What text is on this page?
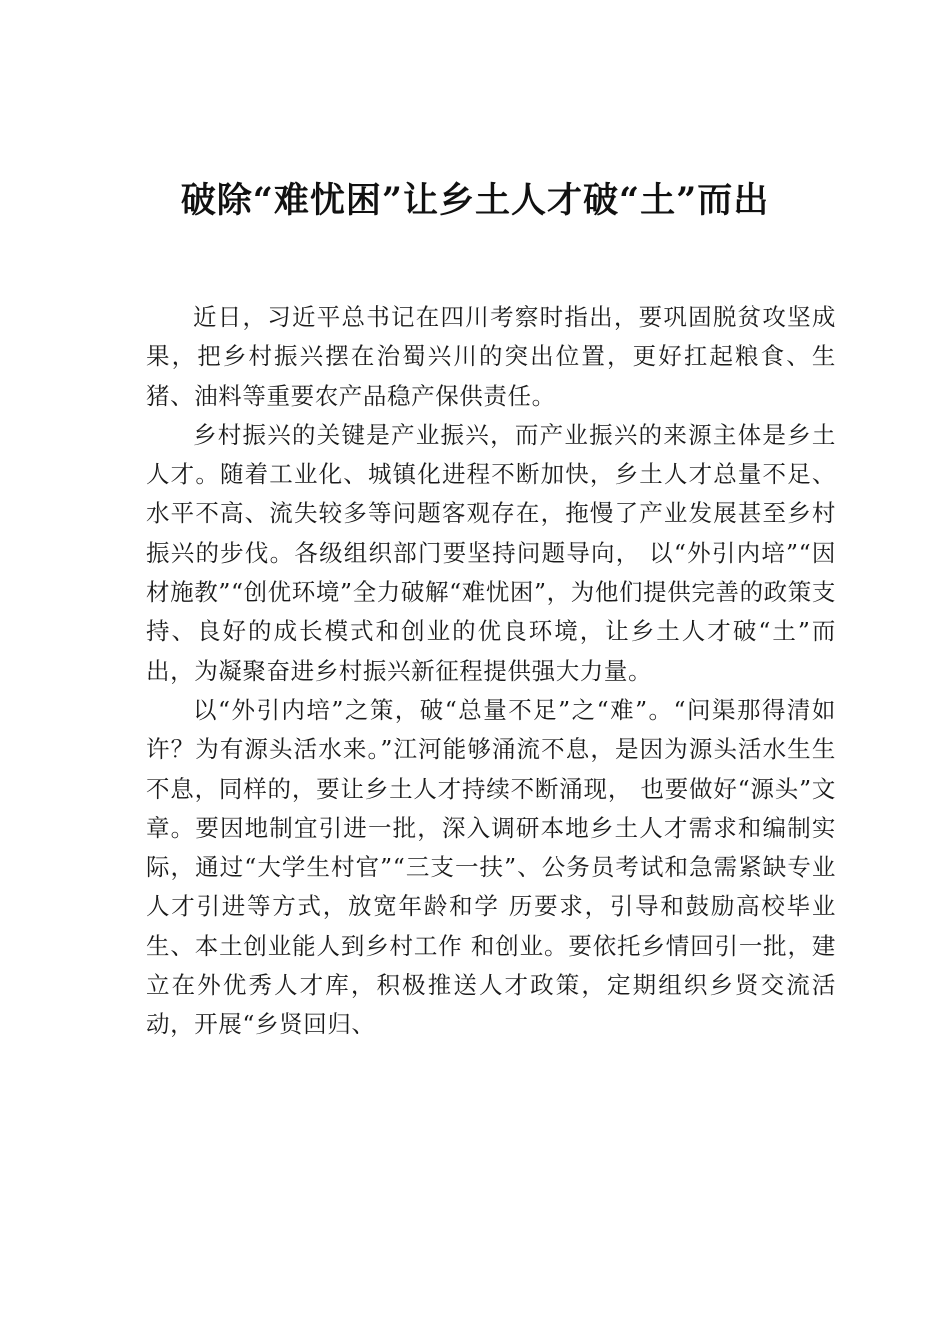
破除“难忧困”让乡土人才破“土”而出

近日，习近平总书记在四川考察时指出，要巩固脱贫攻坚成果，把乡村振兴摆在治蜀兴川的突出位置，更好扛起粮食、生猪、油料等重要农产品稳产保供责任。

乡村振兴的关键是产业振兴，而产业振兴的来源主体是乡土人才。随着工业化、城镇化进程不断加快，乡土人才总量不足、水平不高、流失较多等问题客观存在，拖慢了产业发展甚至乡村振兴的步伐。各级组织部门要坚持问题导向， 以“外引内培”“因材施教”“创优环境”全力破解“难忧困”，为他们提供完善的政策支持、良好的成长模式和创业的优良环境，让乡土人才破“土”而出，为凝聚奋进乡村振兴新征程提供强大力量。

以“外引内培”之策，破“总量不足”之“难”。“问渠那得清如许？为有源头活水来。”江河能够涌流不息，是因为源头活水生生不息，同样的，要让乡土人才持续不断涌现， 也要做好“源头”文章。要因地制宜引进一批，深入调研本地乡土人才需求和编制实际，通过“大学生村官”“三支一扶”、公务员考试和急需紧缺专业人才引进等方式，放宽年龄和学 历要求，引导和鼓励高校毕业生、本土创业能人到乡村工作 和创业。要依托乡情回引一批，建立在外优秀人才库，积极推送人才政策，定期组织乡贤交流活动，开展“乡贤回归、
